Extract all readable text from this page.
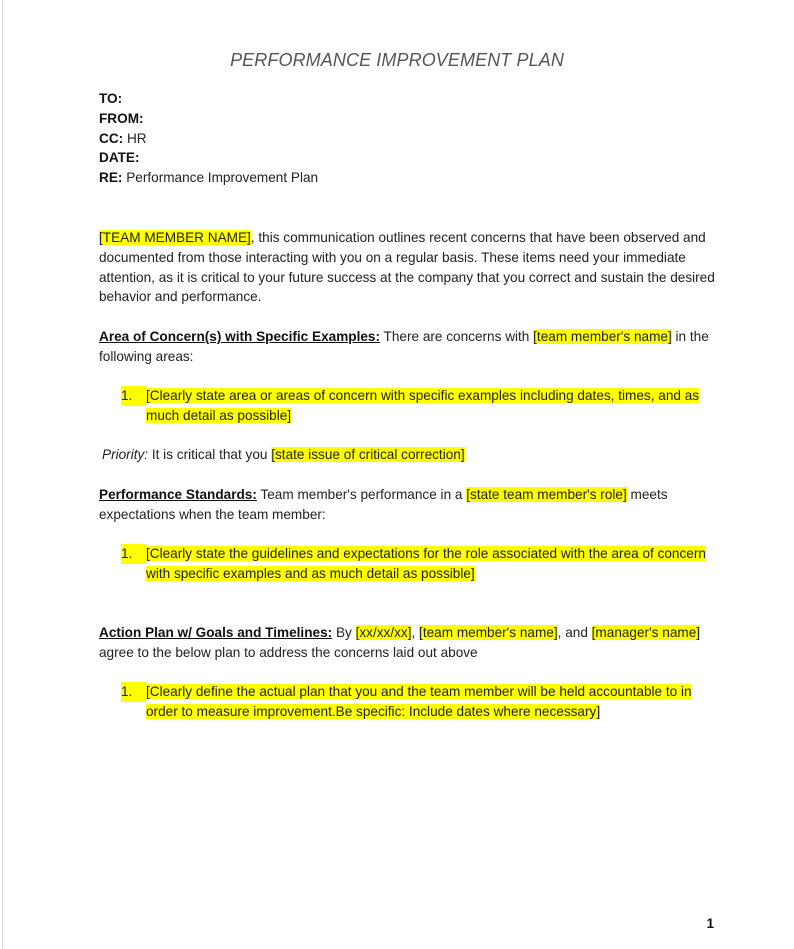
PERFORMANCE IMPROVEMENT PLAN

TO:

FROM:

CC: HR

DATE:

RE: Performance Improvement Plan

[TEAM MEMBER NAME], this communication outlines recent concerns that have been observed and documented from those interacting with you on a regular basis. These items need your immediate attention, as it is critical to your future success at the company that you correct and sustain the desired behavior and performance.

Area of Concern(s) with Specific Examples: There are concerns with [team member's name] in the following areas:

1.	[Clearly state area or areas of concern with specific examples including dates, times, and as much detail as possible]

Priority: It is critical that you [state issue of critical correction]

Performance Standards: Team member's performance in a [state team member's role] meets expectations when the team member:

1.	[Clearly state the guidelines and expectations for the role associated with the area of concern with specific examples and as much detail as possible]

Action Plan w/ Goals and Timelines: By [xx/xx/xx], [team member's name], and [manager's name] agree to the below plan to address the concerns laid out above

1.	[Clearly define the actual plan that you and the team member will be held accountable to in order to measure improvement.Be specific: Include dates where necessary]
1
